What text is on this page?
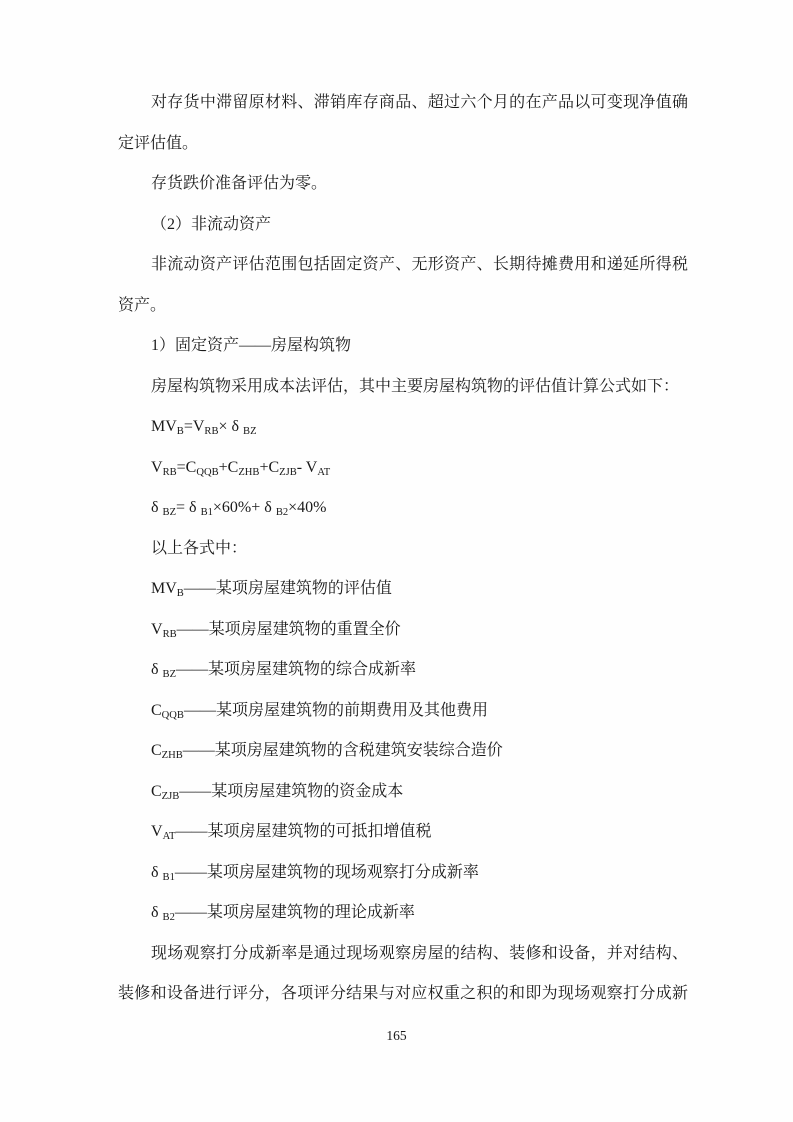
对存货中滞留原材料、滞销库存商品、超过六个月的在产品以可变现净值确
定评估值。
存货跌价准备评估为零。
（2）非流动资产
非流动资产评估范围包括固定资产、无形资产、长期待摊费用和递延所得税
资产。
1）固定资产——房屋构筑物
房屋构筑物采用成本法评估，其中主要房屋构筑物的评估值计算公式如下：
$MV_B=V_{RB}\times \delta$ $_{BZ}$
$V_{RB}=C_{QQB}+C_{ZHB}+C_{ZJB}-$ $V_{AT}$
δ $_{BZ}$= δ $_{B1}$×60%+ δ $_{B2}$×40%
以上各式中：
$MV_B——$某项房屋建筑物的评估值
$V_{RB}——$某项房屋建筑物的重置全价
δ $_{BZ}$——某项房屋建筑物的综合成新率
$C_{QQB}——$某项房屋建筑物的前期费用及其他费用
$C_{ZHB}——$某项房屋建筑物的含税建筑安装综合造价
$C_{ZJB}——$某项房屋建筑物的资金成本
$V_{AT}——$某项房屋建筑物的可抵扣增值税
δ $_{B1}$——某项房屋建筑物的现场观察打分成新率
δ $_{B2}$——某项房屋建筑物的理论成新率
现场观察打分成新率是通过现场观察房屋的结构、装修和设备，并对结构、
装修和设备进行评分，各项评分结果与对应权重之积的和即为现场观察打分成新
165
